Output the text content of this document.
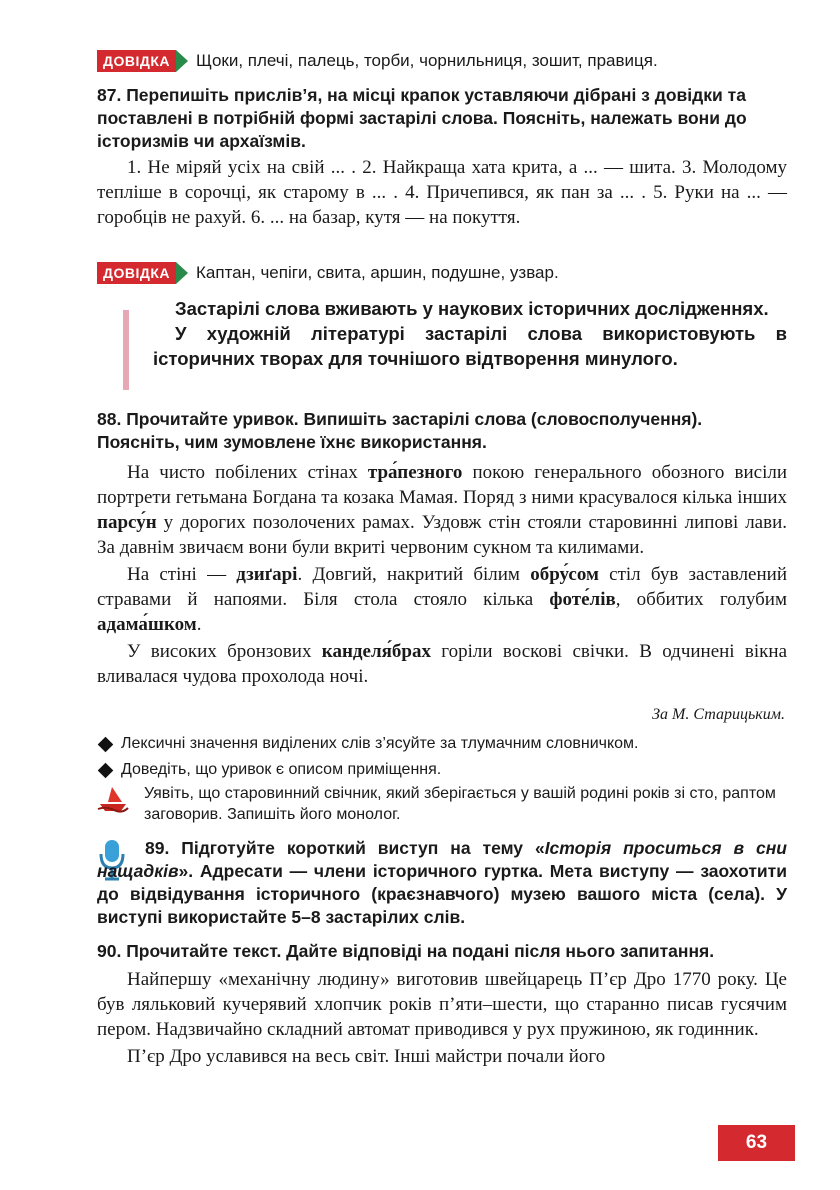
ДОВІДКА	Щоки, плечі, палець, торби, чорнильниця, зошит, правиця.
87. Перепишіть прислів’я, на місці крапок уставляючи дібрані з довідки та поставлені в потрібній формі застарілі слова. Поясніть, належать вони до історизмів чи архаїзмів.

1. Не міряй усіх на свій ... . 2. Найкраща хата крита, а ... — шита. 3. Молодому тепліше в сорочці, як старому в ... . 4. Причепився, як пан за ... . 5. Руки на ... — горобців не рахуй. 6. ... на базар, кутя — на покуття.

ДОВІДКА	Каптан, чепіги, свита, аршин, подушне, узвар.

Застарілі слова вживають у наукових історичних дослідженнях.

У художній літературі застарілі слова використовують в історичних творах для точнішого відтворення минулого.

88. Прочитайте уривок. Випишіть застарілі слова (словосполучення). Поясніть, чим зумовлене їхнє використання.

На чисто побілених стінах тра́пезного покою генерального обозного висіли портрети гетьмана Богдана та козака Мамая. Поряд з ними красувалося кілька інших парсу́н у дорогих позолочених рамах. Уздовж стін стояли старовинні липові лави. За давнім звичаєм вони були вкриті червоним сукном та килимами.

На стіні — дзиґарі. Довгий, накритий білим обру́сом стіл був заставлений стравами й напоями. Біля стола стояло кілька фоте́лів, оббитих голубим адама́шком.

У високих бронзових канделя́брах горіли воскові свічки. В одчинені вікна вливалася чудова прохолода ночі.

За М. Старицьким.
Лексичні значення виділених слів з’ясуйте за тлумачним словничком.
Доведіть, що уривок є описом приміщення.
Уявіть, що старовинний свічник, який зберігається у вашій родині років зі сто, раптом заговорив. Запишіть його монолог.
89. Підготуйте короткий виступ на тему «Історія проситься в сни нащадків». Адресати — члени історичного гуртка. Мета виступу — заохотити до відвідування історичного (краєзнавчого) музею вашого міста (села). У виступі використайте 5–8 застарілих слів.
90. Прочитайте текст. Дайте відповіді на подані після нього запитання.

Найпершу «механічну людину» виготовив швейцарець П’єр Дро 1770 року. Це був ляльковий кучерявий хлопчик років п’яти–шести, що старанно писав гусячим пером. Надзвичайно складний автомат приводився у рух пружиною, як годинник.

П’єр Дро уславився на весь світ. Інші майстри почали його

63
